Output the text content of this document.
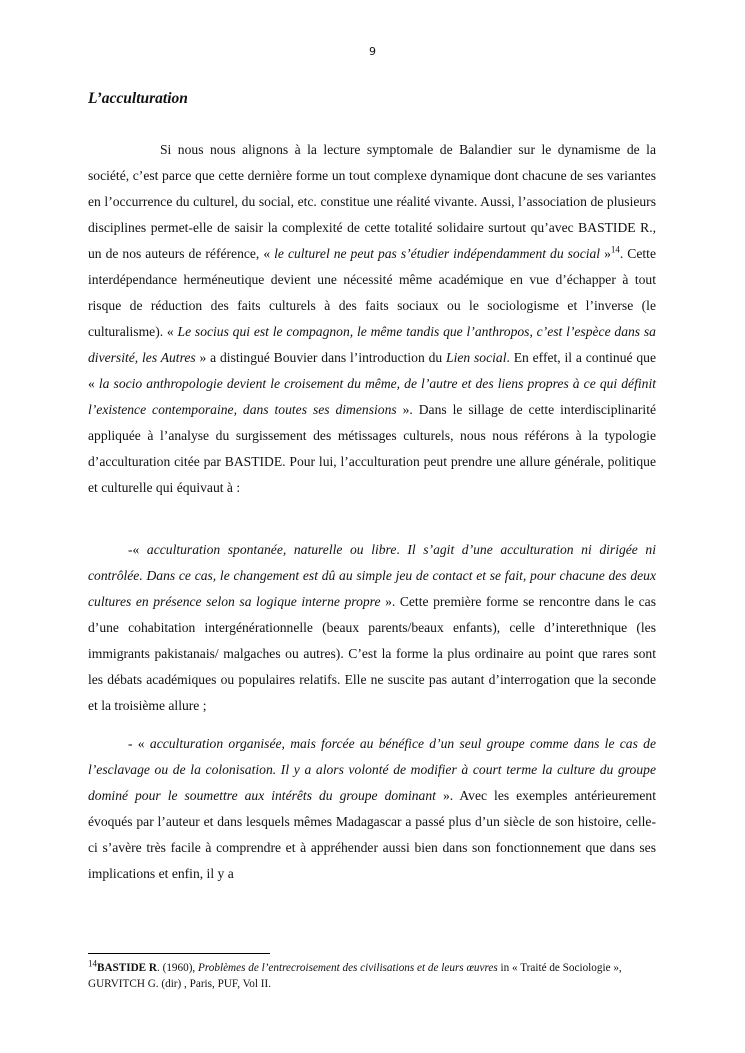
9
L’acculturation

Si nous nous alignons à la lecture symptomale de Balandier sur le dynamisme de la société, c’est parce que cette dernière forme un tout complexe dynamique dont chacune de ses variantes en l’occurrence du culturel, du social, etc. constitue une réalité vivante. Aussi, l’association de plusieurs disciplines permet-elle de saisir la complexité de cette totalité solidaire surtout qu’avec BASTIDE R., un de nos auteurs de référence, « le culturel ne peut pas s’étudier indépendamment du social »$^{14}$. Cette interdépendance herméneutique devient une nécessité même académique en vue d’échapper à tout risque de réduction des faits culturels à des faits sociaux ou le sociologisme et l’inverse (le culturalisme). « Le socius qui est le compagnon, le même tandis que l’anthropos, c’est l’espèce dans sa diversité, les Autres » a distingué Bouvier dans l’introduction du Lien social. En effet, il a continué que « la socio anthropologie devient le croisement du même, de l’autre et des liens propres à ce qui définit l’existence contemporaine, dans toutes ses dimensions ». Dans le sillage de cette interdisciplinarité appliquée à l’analyse du surgissement des métissages culturels, nous nous référons à la typologie d’acculturation citée par BASTIDE. Pour lui, l’acculturation peut prendre une allure générale, politique et culturelle qui équivaut à :

-« acculturation spontanée, naturelle ou libre. Il s’agit d’une acculturation ni dirigée ni contrôlée. Dans ce cas, le changement est dû au simple jeu de contact et se fait, pour chacune des deux cultures en présence selon sa logique interne propre ». Cette première forme se rencontre dans le cas d’une cohabitation intergénérationnelle (beaux parents/beaux enfants), celle d’interethnique (les immigrants pakistanais/ malgaches ou autres). C’est la forme la plus ordinaire au point que rares sont les débats académiques ou populaires relatifs. Elle ne suscite pas autant d’interrogation que la seconde et la troisième allure ;

- « acculturation organisée, mais forcée au bénéfice d’un seul groupe comme dans le cas de l’esclavage ou de la colonisation. Il y a alors volonté de modifier à court terme la culture du groupe dominé pour le soumettre aux intérêts du groupe dominant ». Avec les exemples antérieurement évoqués par l’auteur et dans lesquels mêmes Madagascar a passé plus d’un siècle de son histoire, celle-ci s’avère très facile à comprendre et à appréhender aussi bien dans son fonctionnement que dans ses implications et enfin, il y a

$^{14}$BASTIDE R. (1960), Problèmes de l’entrecroisement des civilisations et de leurs œuvres in « Traité de Sociologie », GURVITCH G. (dir) , Paris, PUF, Vol II.
